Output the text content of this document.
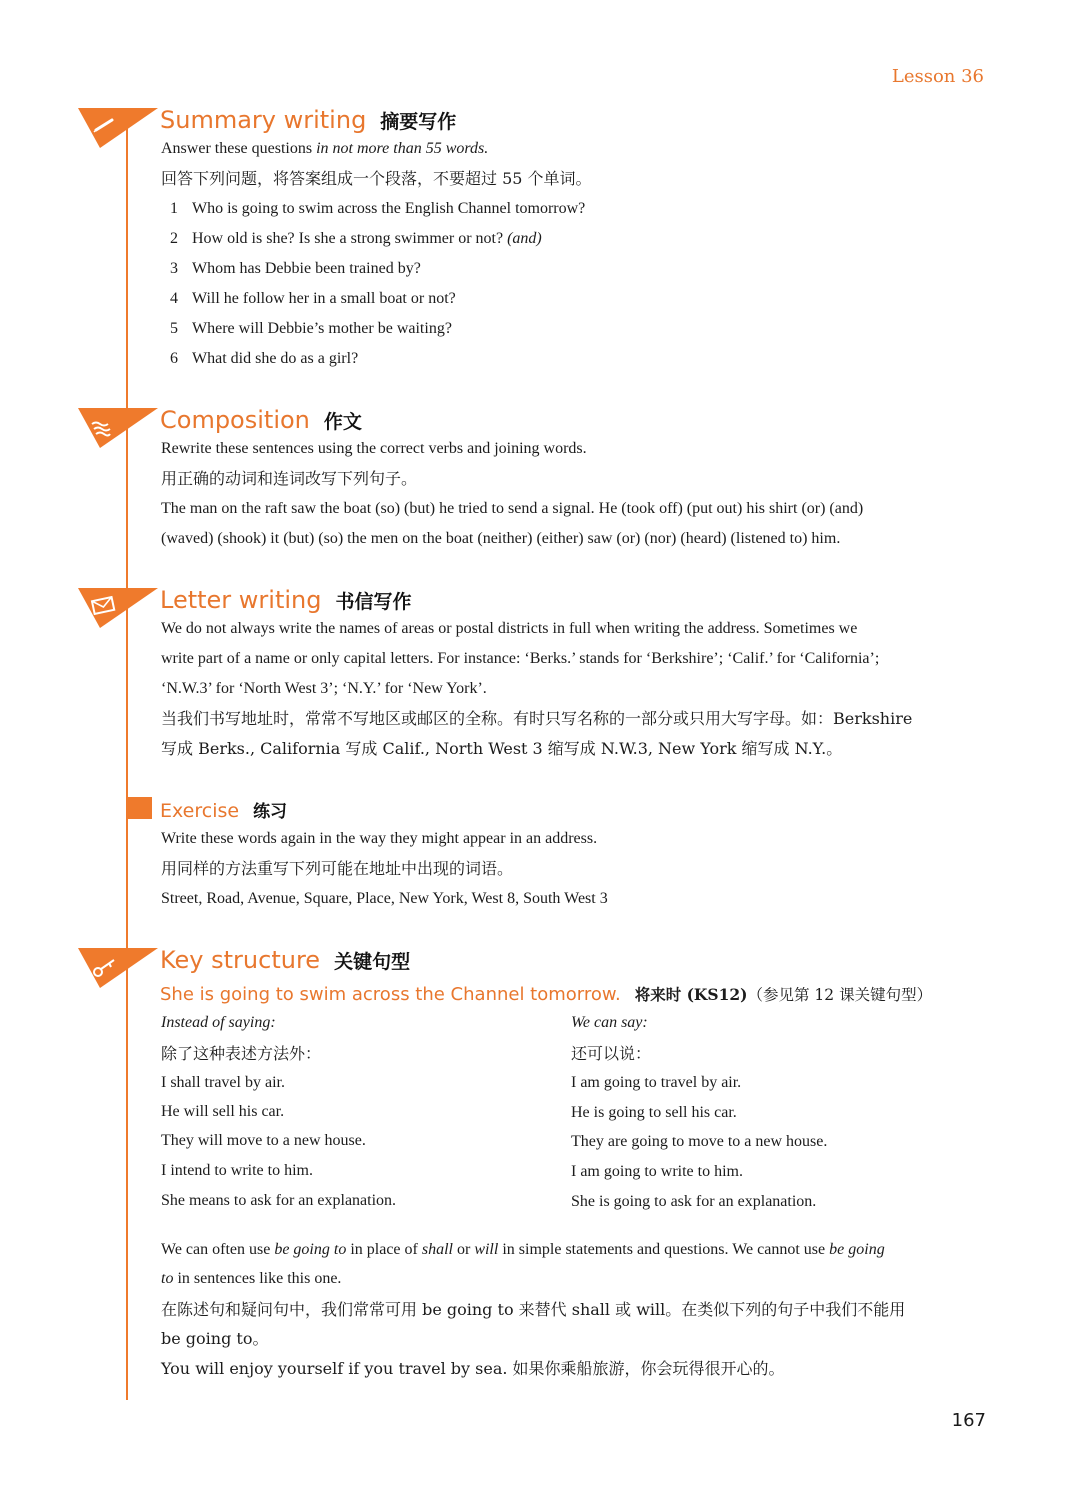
Lesson 36
Summary writing 摘要写作
Answer these questions in not more than 55 words.
回答下列问题，将答案组成一个段落，不要超过 55 个单词。
1 Who is going to swim across the English Channel tomorrow?
2 How old is she? Is she a strong swimmer or not? (and)
3 Whom has Debbie been trained by?
4 Will he follow her in a small boat or not?
5 Where will Debbie’s mother be waiting?
6 What did she do as a girl?
Composition 作文
Rewrite these sentences using the correct verbs and joining words.
用正确的动词和连词改写下列句子。
The man on the raft saw the boat (so) (but) he tried to send a signal. He (took off) (put out) his shirt (or) (and)
(waved) (shook) it (but) (so) the men on the boat (neither) (either) saw (or) (nor) (heard) (listened to) him.
Letter writing 书信写作
We do not always write the names of areas or postal districts in full when writing the address. Sometimes we
write part of a name or only capital letters. For instance: ‘Berks.’ stands for ‘Berkshire’; ‘Calif.’ for ‘California’;
‘N.W.3’ for ‘North West 3’; ‘N.Y.’ for ‘New York’.
当我们书写地址时，常常不写地区或邮区的全称。有时只写名称的一部分或只用大写字母。如：Berkshire
写成 Berks., California 写成 Calif., North West 3 缩写成 N.W.3, New York 缩写成 N.Y.。
Exercise 练习
Write these words again in the way they might appear in an address.
用同样的方法重写下列可能在地址中出现的词语。
Street, Road, Avenue, Square, Place, New York, West 8, South West 3
Key structure 关键句型
She is going to swim across the Channel tomorrow. 将来时 (KS12)（参见第 12 课关键句型）
Instead of saying:
除了这种表述方法外：
I shall travel by air.
He will sell his car.
They will move to a new house.
I intend to write to him.
She means to ask for an explanation.
We can say:
还可以说：
I am going to travel by air.
He is going to sell his car.
They are going to move to a new house.
I am going to write to him.
She is going to ask for an explanation.
We can often use be going to in place of shall or will in simple statements and questions. We cannot use be going
to in sentences like this one.
在陈述句和疑问句中，我们常常可用 be going to 来替代 shall 或 will。在类似下列的句子中我们不能用
be going to。
You will enjoy yourself if you travel by sea. 如果你乘船旅游，你会玩得很开心的。
167
